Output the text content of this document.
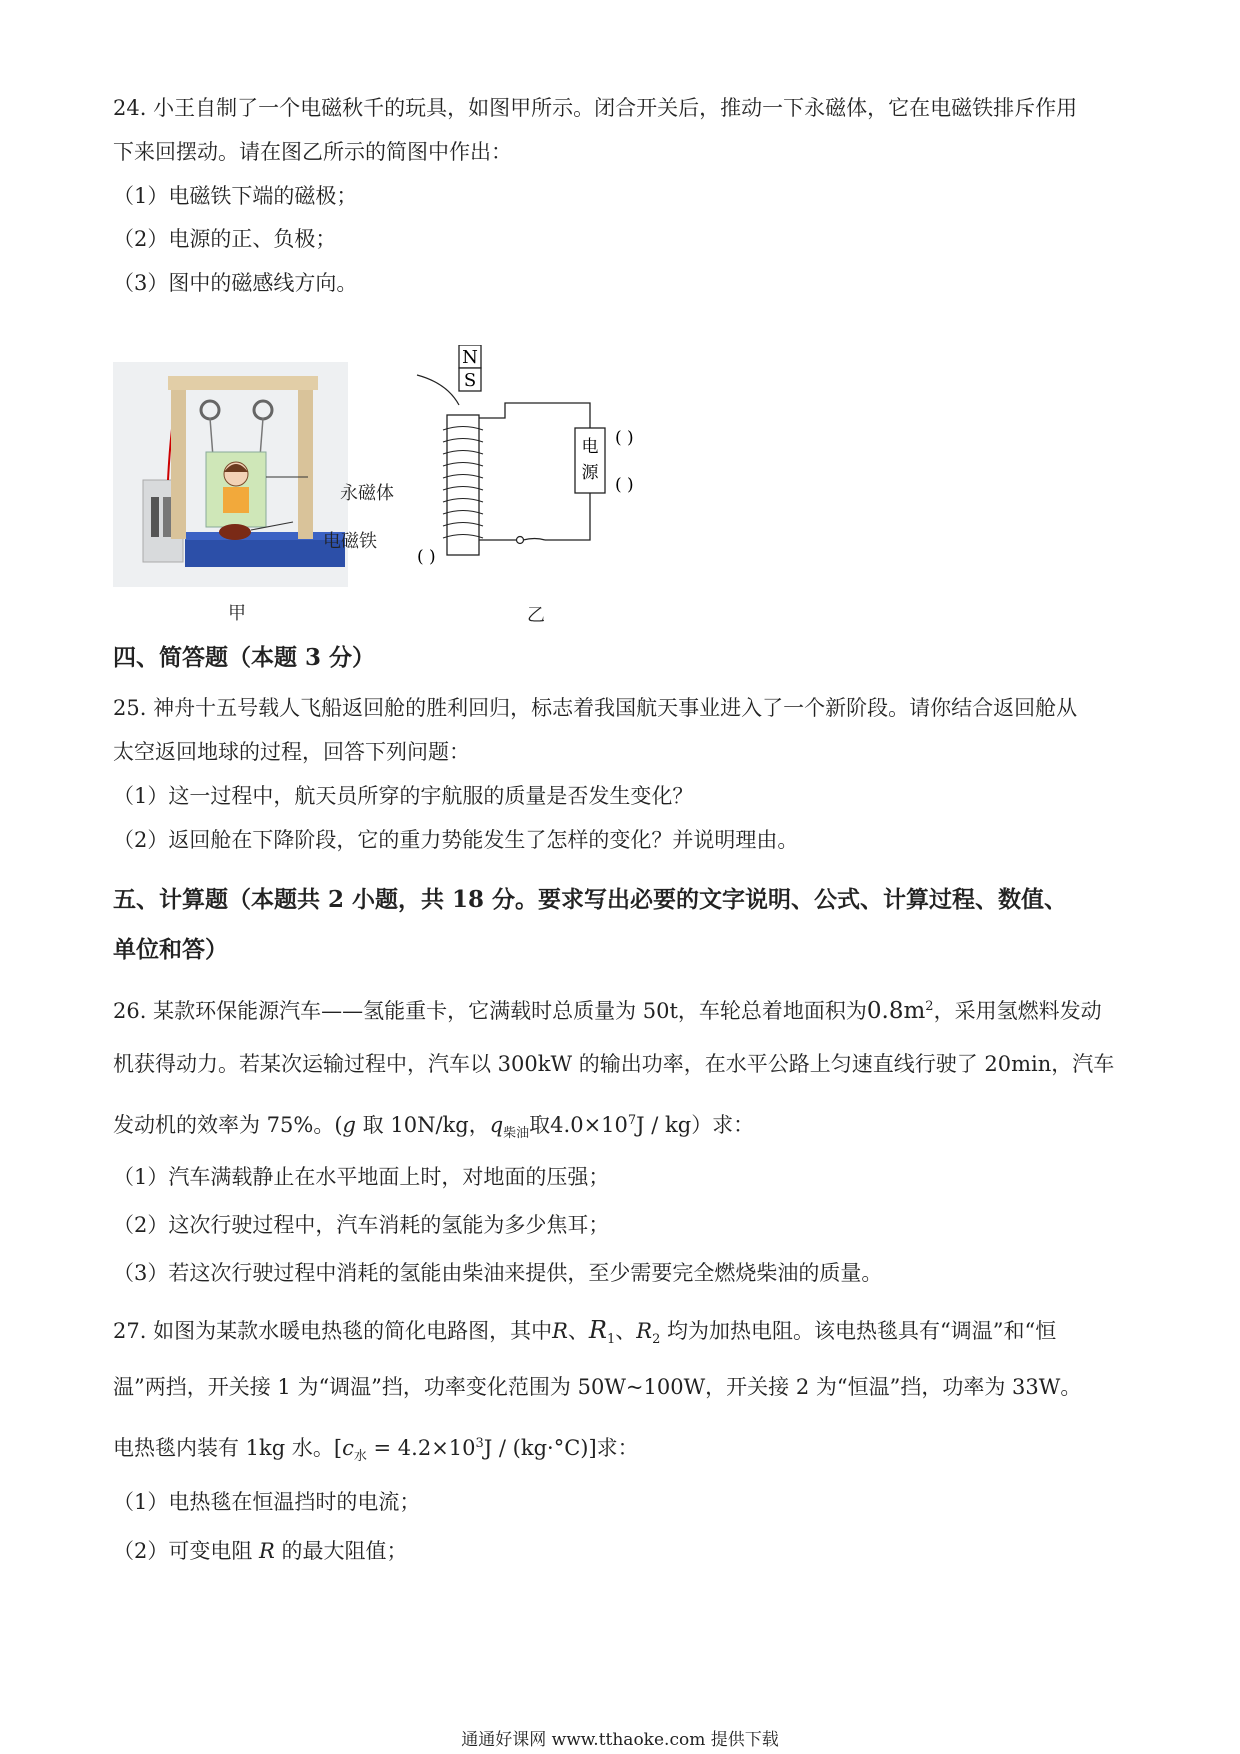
24. 小王自制了一个电磁秋千的玩具，如图甲所示。闭合开关后，推动一下永磁体，它在电磁铁排斥作用
下来回摆动。请在图乙所示的简图中作出：
（1）电磁铁下端的磁极；
（2）电源的正、负极；
（3）图中的磁感线方向。
永磁体
电磁铁
甲
N
S
电
源
( )
( )
( )
乙
四、简答题（本题 3 分）
25. 神舟十五号载人飞船返回舱的胜利回归，标志着我国航天事业进入了一个新阶段。请你结合返回舱从
太空返回地球的过程，回答下列问题：
（1）这一过程中，航天员所穿的宇航服的质量是否发生变化？
（2）返回舱在下降阶段，它的重力势能发生了怎样的变化？并说明理由。
五、计算题（本题共 2 小题，共 18 分。要求写出必要的文字说明、公式、计算过程、数值、
单位和答）
26. 某款环保能源汽车——氢能重卡，它满载时总质量为 50t，车轮总着地面积为$0.8m^2$，采用氢燃料发动
机获得动力。若某次运输过程中，汽车以 300kW 的输出功率，在水平公路上匀速直线行驶了 20min，汽车
发动机的效率为 75%。(g 取 10N/kg，$q_{柴油}$取$4.0\times 10^7J / kg$）求：
（1）汽车满载静止在水平地面上时，对地面的压强；
（2）这次行驶过程中，汽车消耗的氢能为多少焦耳；
（3）若这次行驶过程中消耗的氢能由柴油来提供，至少需要完全燃烧柴油的质量。
27. 如图为某款水暖电热毯的简化电路图，其中R、$R_1$、$R_2$ 均为加热电阻。该电热毯具有“调温”和“恒
温”两挡，开关接 1 为“调温”挡，功率变化范围为 50W~100W，开关接 2 为“恒温”挡，功率为 33W。
电热毯内装有 1kg 水。$[c_水 = 4.2\times 10^3J / (kg\cdot^\circ C)]$求：
（1）电热毯在恒温挡时的电流；
（2）可变电阻 R 的最大阻值；
通通好课网 www.tthaoke.com 提供下载
